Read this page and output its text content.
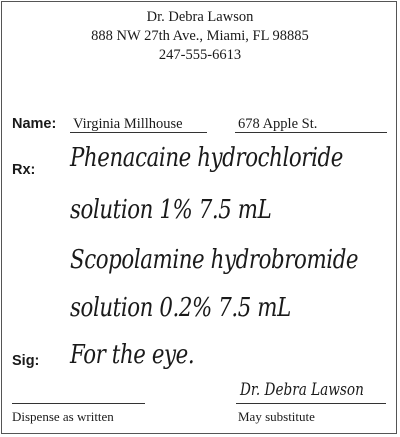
Dr. Debra Lawson
888 NW 27th Ave., Miami, FL 98885
247-555-6613
Name: Virginia Millhouse	678 Apple St.
Rx: Phenacaine hydrochloride
solution 1% 7.5 mL
Scopolamine hydrobromide
solution 0.2% 7.5 mL
Sig: For the eye.
Dispense as written
Dr. Debra Lawson
May substitute
